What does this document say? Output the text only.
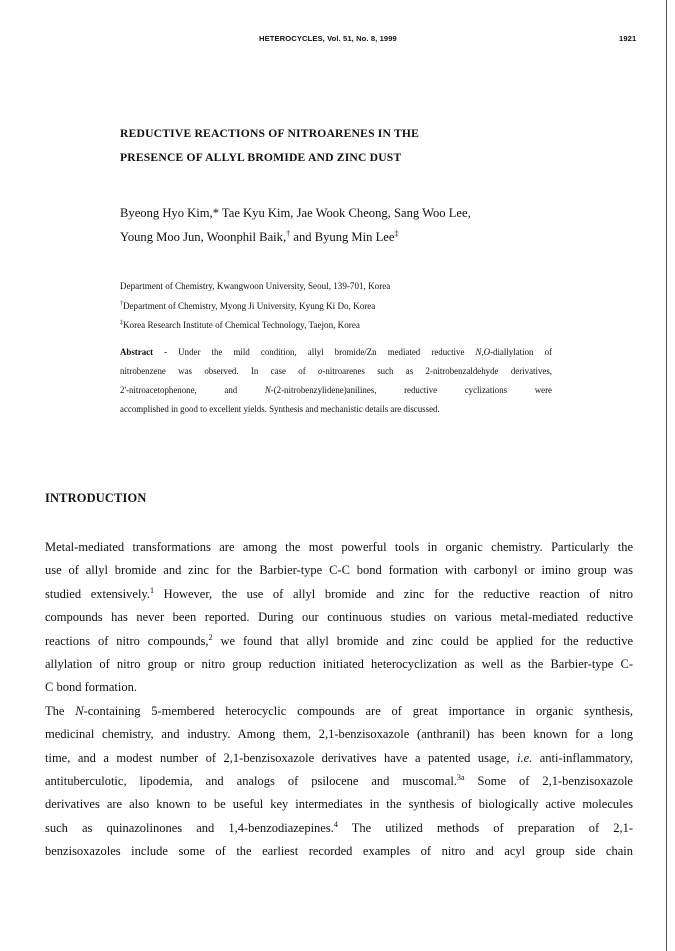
HETEROCYCLES, Vol. 51, No. 8, 1999	1921
REDUCTIVE REACTIONS OF NITROARENES IN THE
PRESENCE OF ALLYL BROMIDE AND ZINC DUST
Byeong Hyo Kim,* Tae Kyu Kim, Jae Wook Cheong, Sang Woo Lee,
Young Moo Jun, Woonphil Baik,† and Byung Min Lee‡
Department of Chemistry, Kwangwoon University, Seoul, 139-701, Korea
†Department of Chemistry, Myong Ji University, Kyung Ki Do, Korea
‡Korea Research Institute of Chemical Technology, Taejon, Korea
Abstract - Under the mild condition, allyl bromide/Zn mediated reductive N,O-diallylation of
nitrobenzene was observed. In case of o-nitroarenes such as 2-nitrobenzaldehyde derivatives,
2'-nitroacetophenone, and N-(2-nitrobenzylidene)anilines, reductive cyclizations were
accomplished in good to excellent yields. Synthesis and mechanistic details are discussed.
INTRODUCTION
Metal-mediated transformations are among the most powerful tools in organic chemistry. Particularly the
use of allyl bromide and zinc for the Barbier-type C-C bond formation with carbonyl or imino group was
studied extensively.$^1$ However, the use of allyl bromide and zinc for the reductive reaction of nitro
compounds has never been reported. During our continuous studies on various metal-mediated reductive
reactions of nitro compounds,$^2$ we found that allyl bromide and zinc could be applied for the reductive
allylation of nitro group or nitro group reduction initiated heterocyclization as well as the Barbier-type C-
C bond formation.
The N-containing 5-membered heterocyclic compounds are of great importance in organic synthesis,
medicinal chemistry, and industry. Among them, 2,1-benzisoxazole (anthranil) has been known for a long
time, and a modest number of 2,1-benzisoxazole derivatives have a patented usage, i.e. anti-inflammatory,
antituberculotic, lipodemia, and analogs of psilocene and muscomal.$^{3a}$ Some of 2,1-benzisoxazole
derivatives are also known to be useful key intermediates in the synthesis of biologically active molecules
such as quinazolinones and 1,4-benzodiazepines.$^4$ The utilized methods of preparation of 2,1-
benzisoxazoles include some of the earliest recorded examples of nitro and acyl group side chain
